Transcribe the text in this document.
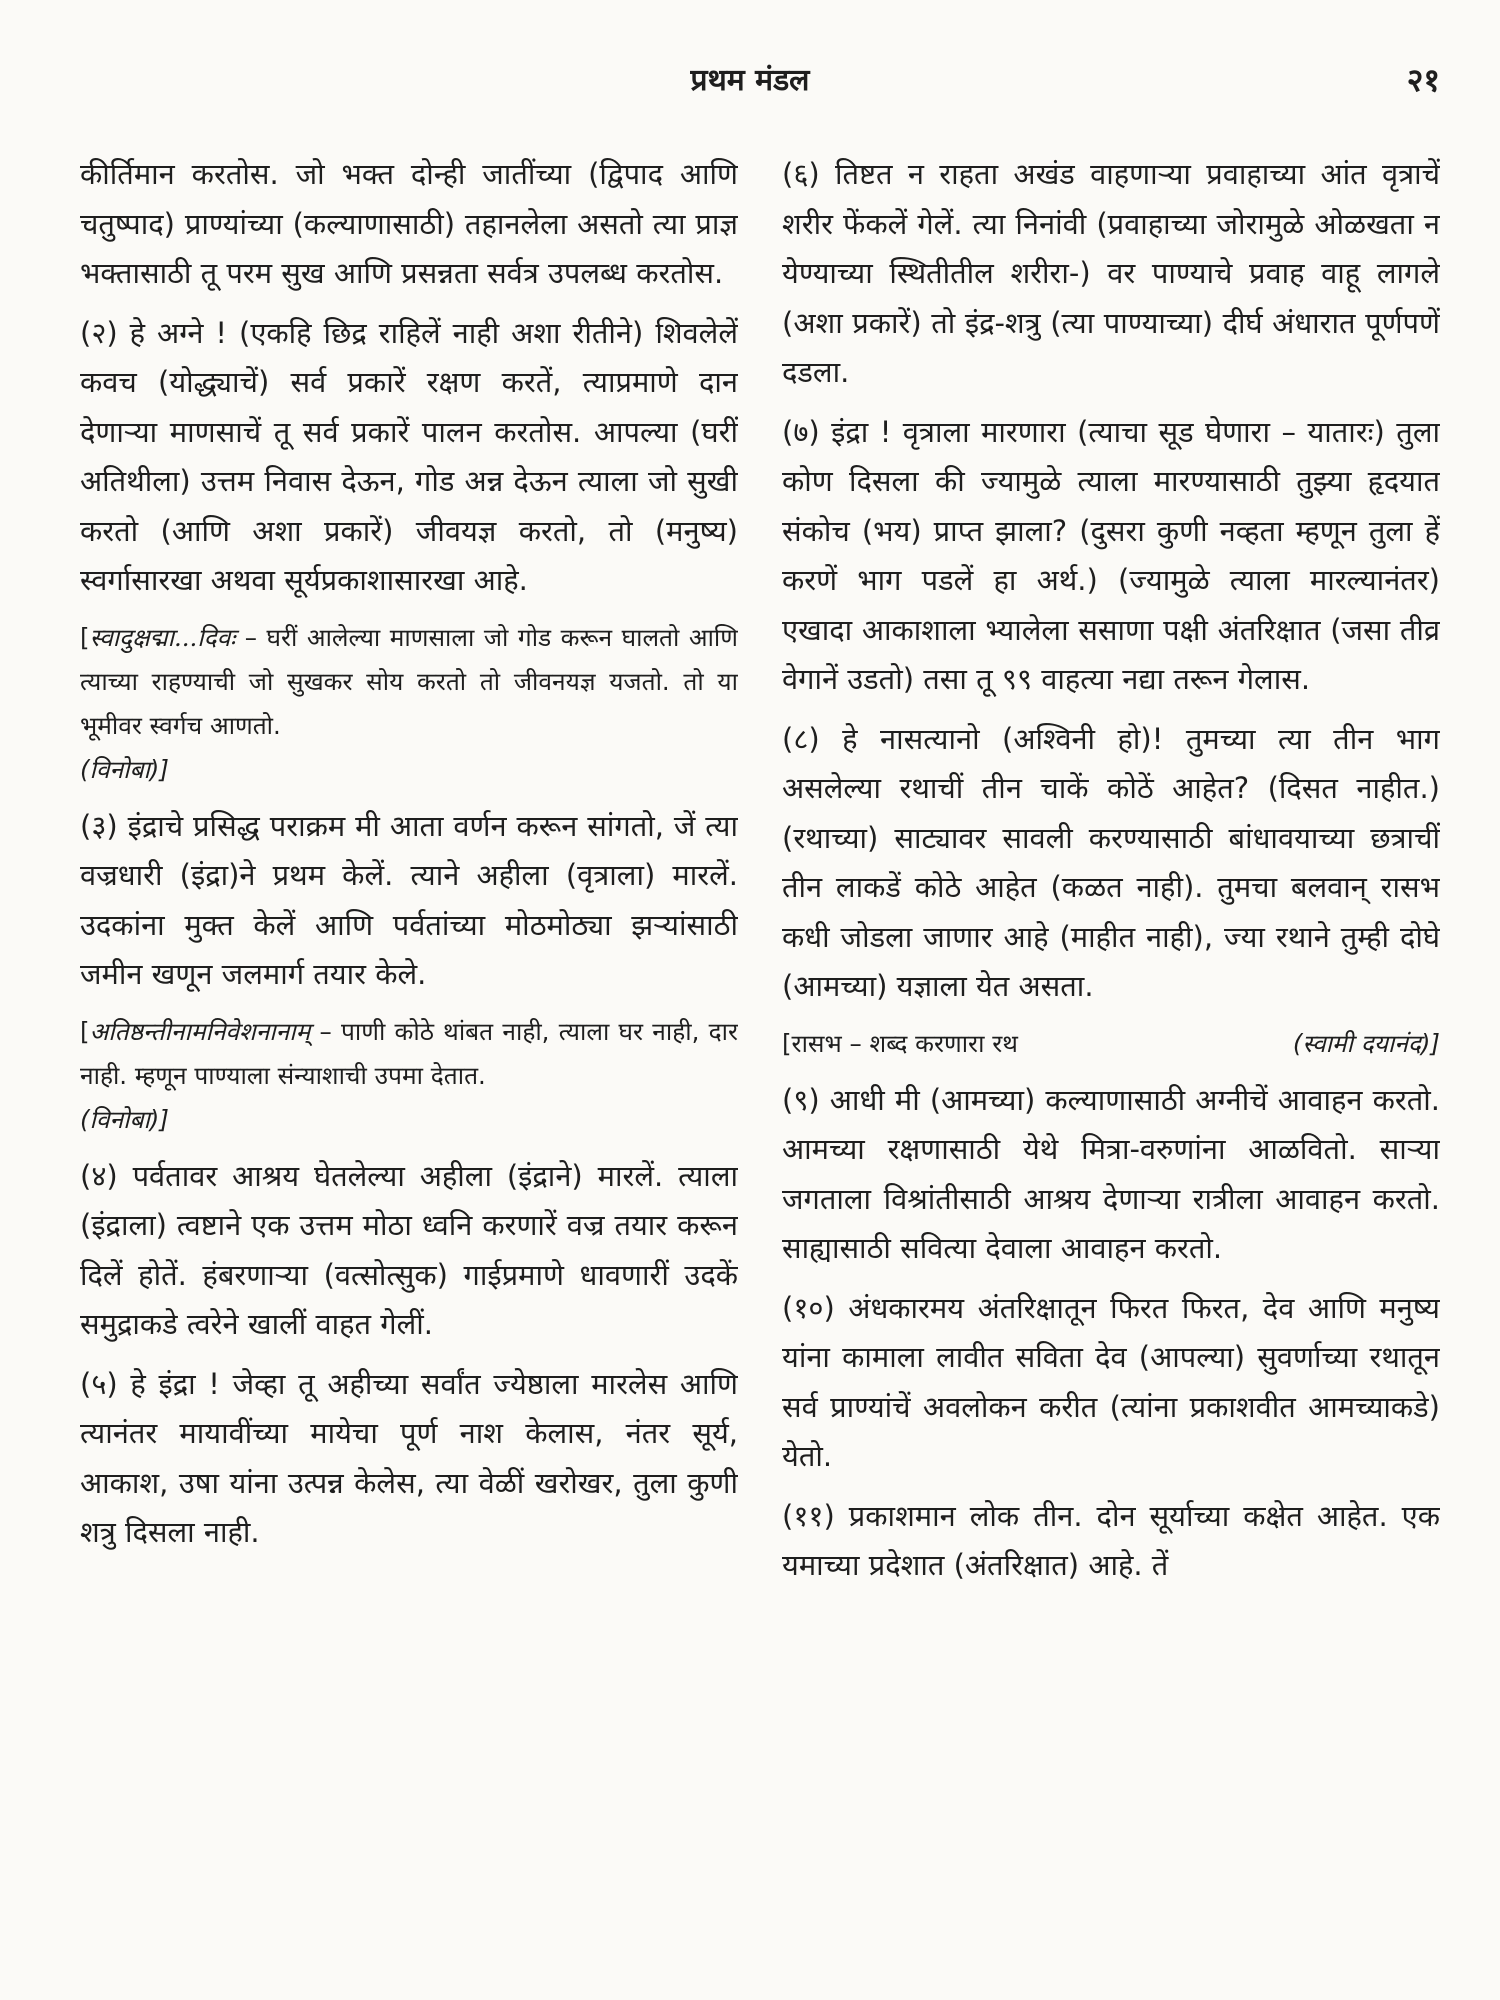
प्रथम मंडल	२१

कीर्तिमान करतोस. जो भक्त दोन्ही जातींच्या (द्विपाद आणि चतुष्पाद) प्राण्यांच्या (कल्याणासाठी) तहानलेला असतो त्या प्राज्ञ भक्तासाठी तू परम सुख आणि प्रसन्नता सर्वत्र उपलब्ध करतोस.

(२) हे अग्ने ! (एकहि छिद्र राहिलें नाही अशा रीतीने) शिवलेलें कवच (योद्ध्याचें) सर्व प्रकारें रक्षण करतें, त्याप्रमाणे दान देणाऱ्या माणसाचें तू सर्व प्रकारें पालन करतोस. आपल्या (घरीं अतिथीला) उत्तम निवास देऊन, गोड अन्न देऊन त्याला जो सुखी करतो (आणि अशा प्रकारें) जीवयज्ञ करतो, तो (मनुष्य) स्वर्गासारखा अथवा सूर्यप्रकाशासारखा आहे.

[स्वादुक्षद्मा...दिवः – घरीं आलेल्या माणसाला जो गोड करून घालतो आणि त्याच्या राहण्याची जो सुखकर सोय करतो तो जीवनयज्ञ यजतो. तो या भूमीवर स्वर्गच आणतो.
(विनोबा)]

(३) इंद्राचे प्रसिद्ध पराक्रम मी आता वर्णन करून सांगतो, जें त्या वज्रधारी (इंद्रा)ने प्रथम केलें. त्याने अहीला (वृत्राला) मारलें. उदकांना मुक्त केलें आणि पर्वतांच्या मोठमोठ्या झऱ्यांसाठी जमीन खणून जलमार्ग तयार केले.

[अतिष्ठन्तीनामनिवेशनानाम् – पाणी कोठे थांबत नाही, त्याला घर नाही, दार नाही. म्हणून पाण्याला संन्याशाची उपमा देतात.
(विनोबा)]

(४) पर्वतावर आश्रय घेतलेल्या अहीला (इंद्राने) मारलें. त्याला (इंद्राला) त्वष्टाने एक उत्तम मोठा ध्वनि करणारें वज्र तयार करून दिलें होतें. हंबरणाऱ्या (वत्सोत्सुक) गाईप्रमाणे धावणारीं उदकें समुद्राकडे त्वरेने खालीं वाहत गेलीं.

(५) हे इंद्रा ! जेव्हा तू अहीच्या सर्वांत ज्येष्ठाला मारलेस आणि त्यानंतर मायावींच्या मायेचा पूर्ण नाश केलास, नंतर सूर्य, आकाश, उषा यांना उत्पन्न केलेस, त्या वेळीं खरोखर, तुला कुणी शत्रु दिसला नाही.

(६) तिष्टत न राहता अखंड वाहणाऱ्या प्रवाहाच्या आंत वृत्राचें शरीर फेंकलें गेलें. त्या निनांवी (प्रवाहाच्या जोरामुळे ओळखता न येण्याच्या स्थितीतील शरीरा-) वर पाण्याचे प्रवाह वाहू लागले (अशा प्रकारें) तो इंद्र-शत्रु (त्या पाण्याच्या) दीर्घ अंधारात पूर्णपणें दडला.

(७) इंद्रा ! वृत्राला मारणारा (त्याचा सूड घेणारा – यातारः) तुला कोण दिसला की ज्यामुळे त्याला मारण्यासाठी तुझ्या हृदयात संकोच (भय) प्राप्त झाला? (दुसरा कुणी नव्हता म्हणून तुला हें करणें भाग पडलें हा अर्थ.) (ज्यामुळे त्याला मारल्यानंतर) एखादा आकाशाला भ्यालेला ससाणा पक्षी अंतरिक्षात (जसा तीव्र वेगानें उडतो) तसा तू ९९ वाहत्या नद्या तरून गेलास.

(८) हे नासत्यानो (अश्विनी हो)! तुमच्या त्या तीन भाग असलेल्या रथाचीं तीन चाकें कोठें आहेत? (दिसत नाहीत.) (रथाच्या) साट्यावर सावली करण्यासाठी बांधावयाच्या छत्राचीं तीन लाकडें कोठे आहेत (कळत नाही). तुमचा बलवान् रासभ कधी जोडला जाणार आहे (माहीत नाही), ज्या रथाने तुम्ही दोघे (आमच्या) यज्ञाला येत असता.

(स्वामी दयानंद)]
[रासभ – शब्द करणारा रथ

(९) आधी मी (आमच्या) कल्याणासाठी अग्नीचें आवाहन करतो. आमच्या रक्षणासाठी येथे मित्रा-वरुणांना आळवितो. साऱ्या जगताला विश्रांतीसाठी आश्रय देणाऱ्या रात्रीला आवाहन करतो. साह्यासाठी सवित्या देवाला आवाहन करतो.

(१०) अंधकारमय अंतरिक्षातून फिरत फिरत, देव आणि मनुष्य यांना कामाला लावीत सविता देव (आपल्या) सुवर्णाच्या रथातून सर्व प्राण्यांचें अवलोकन करीत (त्यांना प्रकाशवीत आमच्याकडे) येतो.

(११) प्रकाशमान लोक तीन. दोन सूर्याच्या कक्षेत आहेत. एक यमाच्या प्रदेशात (अंतरिक्षात) आहे. तें
